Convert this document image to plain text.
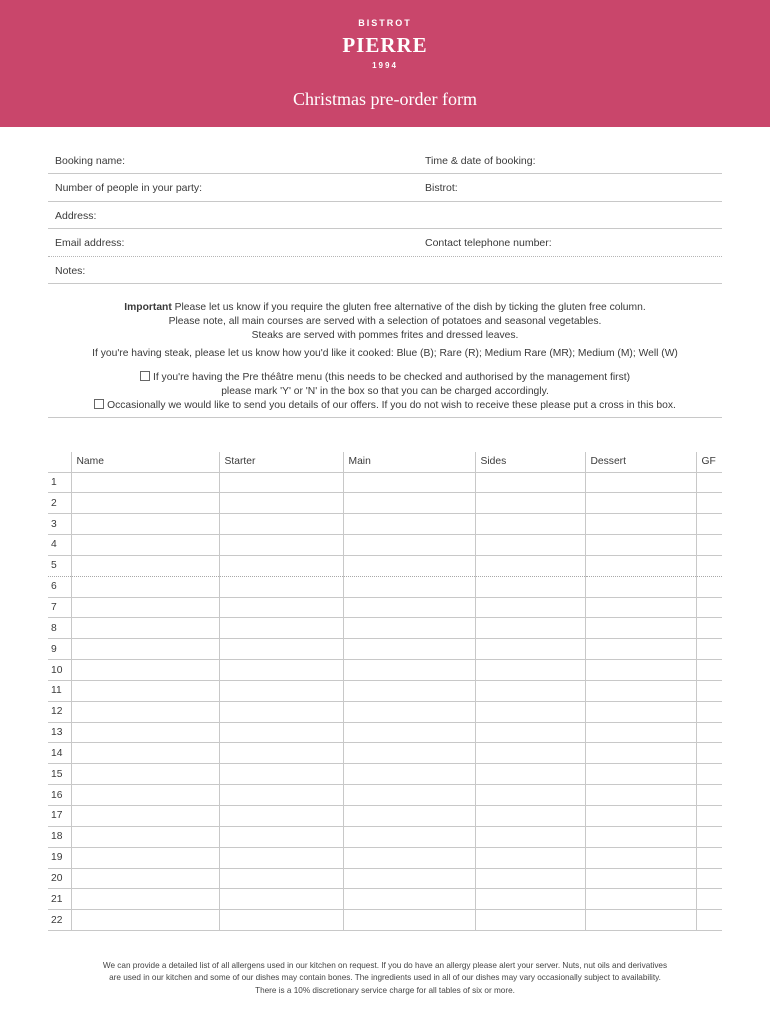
BISTROT
PIERRE
1994
Christmas pre-order form
Booking name:	Time & date of booking:
Number of people in your party:	Bistrot:
Address:
Email address:	Contact telephone number:
Notes:
Important Please let us know if you require the gluten free alternative of the dish by ticking the gluten free column.
Please note, all main courses are served with a selection of potatoes and seasonal vegetables.
Steaks are served with pommes frites and dressed leaves.
If you're having steak, please let us know how you'd like it cooked: Blue (B); Rare (R); Medium Rare (MR); Medium (M); Well (W)
If you're having the Pre théâtre menu (this needs to be checked and authorised by the management first)
please mark 'Y' or 'N' in the box so that you can be charged accordingly.
Occasionally we would like to send you details of our offers. If you do not wish to receive these please put a cross in this box.
	Name	Starter	Main	Sides	Dessert	GF
1						
2						
3						
4						
5						
6						
7						
8						
9						
10						
11						
12						
13						
14						
15						
16						
17						
18						
19						
20						
21						
22						
We can provide a detailed list of all allergens used in our kitchen on request. If you do have an allergy please alert your server. Nuts, nut oils and derivatives
are used in our kitchen and some of our dishes may contain bones. The ingredients used in all of our dishes may vary occasionally subject to availability.
There is a 10% discretionary service charge for all tables of six or more.
